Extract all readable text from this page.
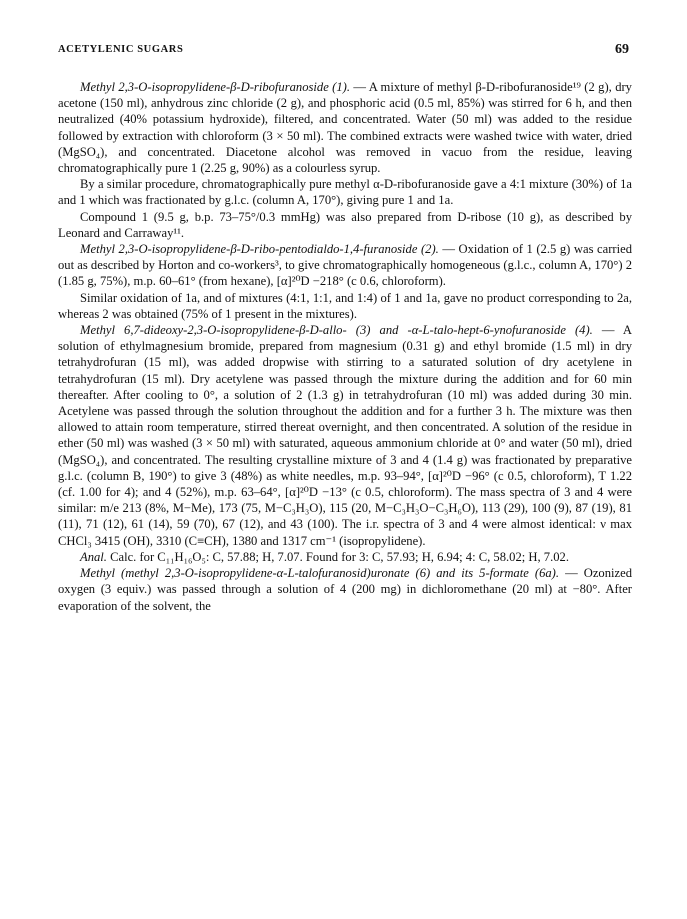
ACETYLENIC SUGARS	69

Methyl 2,3-O-isopropylidene-β-D-ribofuranoside (1). — A mixture of methyl β-D-ribofuranoside¹⁹ (2 g), dry acetone (150 ml), anhydrous zinc chloride (2 g), and phosphoric acid (0.5 ml, 85%) was stirred for 6 h, and then neutralized (40% potassium hydroxide), filtered, and concentrated. Water (50 ml) was added to the residue followed by extraction with chloroform (3 × 50 ml). The combined extracts were washed twice with water, dried (MgSO₄), and concentrated. Diacetone alcohol was removed in vacuo from the residue, leaving chromatographically pure 1 (2.25 g, 90%) as a colourless syrup.

By a similar procedure, chromatographically pure methyl α-D-ribofuranoside gave a 4:1 mixture (30%) of 1a and 1 which was fractionated by g.l.c. (column A, 170°), giving pure 1 and 1a.

Compound 1 (9.5 g, b.p. 73–75°/0.3 mmHg) was also prepared from D-ribose (10 g), as described by Leonard and Carraway¹¹.

Methyl 2,3-O-isopropylidene-β-D-ribo-pentodialdo-1,4-furanoside (2). — Oxidation of 1 (2.5 g) was carried out as described by Horton and co-workers³, to give chromatographically homogeneous (g.l.c., column A, 170°) 2 (1.85 g, 75%), m.p. 60–61° (from hexane), [α]²⁰D −218° (c 0.6, chloroform).

Similar oxidation of 1a, and of mixtures (4:1, 1:1, and 1:4) of 1 and 1a, gave no product corresponding to 2a, whereas 2 was obtained (75% of 1 present in the mixtures).

Methyl 6,7-dideoxy-2,3-O-isopropylidene-β-D-allo- (3) and -α-L-talo-hept-6-ynofuranoside (4). — A solution of ethylmagnesium bromide, prepared from magnesium (0.31 g) and ethyl bromide (1.5 ml) in dry tetrahydrofuran (15 ml), was added dropwise with stirring to a saturated solution of dry acetylene in tetrahydrofuran (15 ml). Dry acetylene was passed through the mixture during the addition and for 60 min thereafter. After cooling to 0°, a solution of 2 (1.3 g) in tetrahydrofuran (10 ml) was added during 30 min. Acetylene was passed through the solution throughout the addition and for a further 3 h. The mixture was then allowed to attain room temperature, stirred thereat overnight, and then concentrated. A solution of the residue in ether (50 ml) was washed (3 × 50 ml) with saturated, aqueous ammonium chloride at 0° and water (50 ml), dried (MgSO₄), and concentrated. The resulting crystalline mixture of 3 and 4 (1.4 g) was fractionated by preparative g.l.c. (column B, 190°) to give 3 (48%) as white needles, m.p. 93–94°, [α]²⁰D −96° (c 0.5, chloroform), T 1.22 (cf. 1.00 for 4); and 4 (52%), m.p. 63–64°, [α]²⁰D −13° (c 0.5, chloroform). The mass spectra of 3 and 4 were similar: m/e 213 (8%, M−Me), 173 (75, M−C₃H₃O), 115 (20, M−C₃H₃O−C₃H₆O), 113 (29), 100 (9), 87 (19), 81 (11), 71 (12), 61 (14), 59 (70), 67 (12), and 43 (100). The i.r. spectra of 3 and 4 were almost identical: ν max CHCl₃ 3415 (OH), 3310 (C≡CH), 1380 and 1317 cm⁻¹ (isopropylidene).

Anal. Calc. for C₁₁H₁₆O₅: C, 57.88; H, 7.07. Found for 3: C, 57.93; H, 6.94; 4: C, 58.02; H, 7.02.

Methyl (methyl 2,3-O-isopropylidene-α-L-talofuranosid)uronate (6) and its 5-formate (6a). — Ozonized oxygen (3 equiv.) was passed through a solution of 4 (200 mg) in dichloromethane (20 ml) at −80°. After evaporation of the solvent, the
